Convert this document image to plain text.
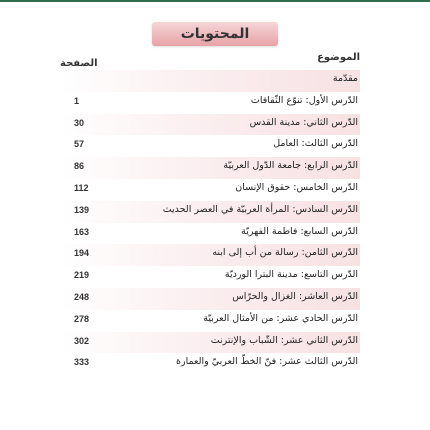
المحتويات
الموضوع
الصفحة
مقدّمة
الدّرس الأول: تنوّع الثّقافات
1
الدّرس الثاني: مدينة القدس
30
الدّرس الثالث: العامل
57
الدّرس الرابع: جامعة الدّول العربيّة
86
الدّرس الخامس: حقوق الإنسان
112
الدّرس السادس: المرأة العربيّة في العصر الحديث
139
الدّرس السابع: فاطمة الفهريّة
163
الدّرس الثامن: رسالة من أب إلى ابنه
194
الدّرس التاسع: مدينة البترا الورديّة
219
الدّرس العاشر: الغزال والحرّاس
248
الدّرس الحادي عشر: من الأمثال العربيّة
278
الدّرس الثاني عشر: الشّباب والإنترنت
302
الدّرس الثالث عشر: فنّ الخطّ العربيّ والعمارة
333
